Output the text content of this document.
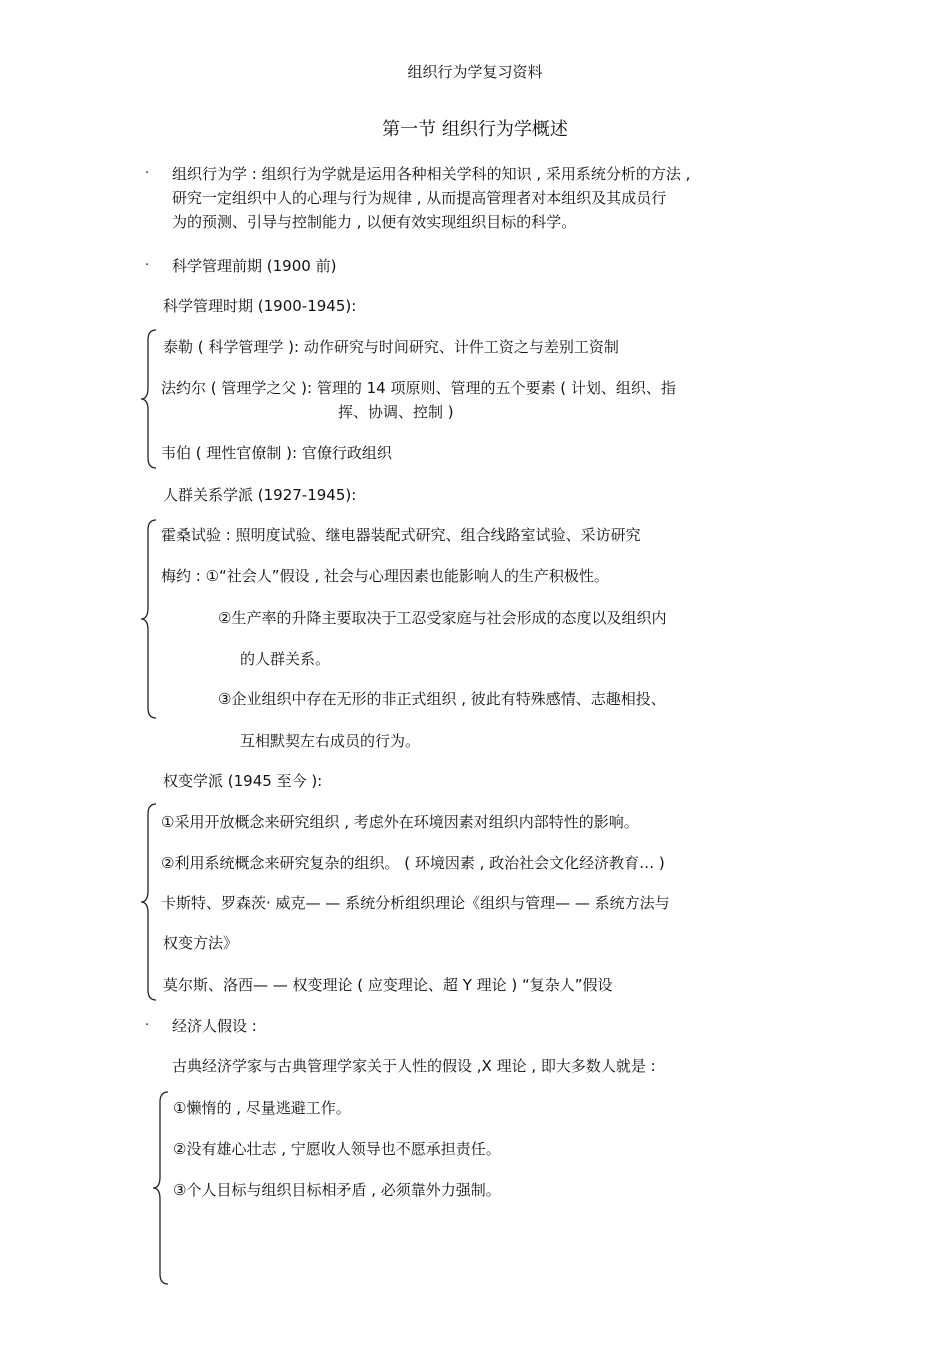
组织行为学复习资料
第一节 组织行为学概述
· 组织行为学 : 组织行为学就是运用各种相关学科的知识 , 采用系统分析的方法 ,
研究一定组织中人的心理与行为规律 , 从而提高管理者对本组织及其成员行
为的预测、引导与控制能力 , 以便有效实现组织目标的科学。
· 科学管理前期 (1900 前)
科学管理时期 (1900-1945):
泰勒 ( 科学管理学 ): 动作研究与时间研究、计件工资之与差别工资制
法约尔 ( 管理学之父 ): 管理的 14 项原则、管理的五个要素 ( 计划、组织、指
挥、协调、控制 )
韦伯 ( 理性官僚制 ): 官僚行政组织
人群关系学派 (1927-1945):
霍桑试验 : 照明度试验、继电器装配式研究、组合线路室试验、采访研究
梅约 : ①“社会人”假设 , 社会与心理因素也能影响人的生产积极性。
②生产率的升降主要取决于工忍受家庭与社会形成的态度以及组织内
的人群关系。
③企业组织中存在无形的非正式组织 , 彼此有特殊感情、志趣相投、
互相默契左右成员的行为。
权变学派 (1945 至今 ):
①采用开放概念来研究组织 , 考虑外在环境因素对组织内部特性的影响。
②利用系统概念来研究复杂的组织。 ( 环境因素 , 政治社会文化经济教育… )
卡斯特、罗森茨· 威克— — 系统分析组织理论《组织与管理— — 系统方法与
权变方法》
莫尔斯、洛西— — 权变理论 ( 应变理论、超 Y 理论 ) “复杂人”假设
· 经济人假设 :
古典经济学家与古典管理学家关于人性的假设 ,X 理论 , 即大多数人就是 :
①懒惰的 , 尽量逃避工作。
②没有雄心壮志 , 宁愿收人领导也不愿承担责任。
③个人目标与组织目标相矛盾 , 必须靠外力强制。
